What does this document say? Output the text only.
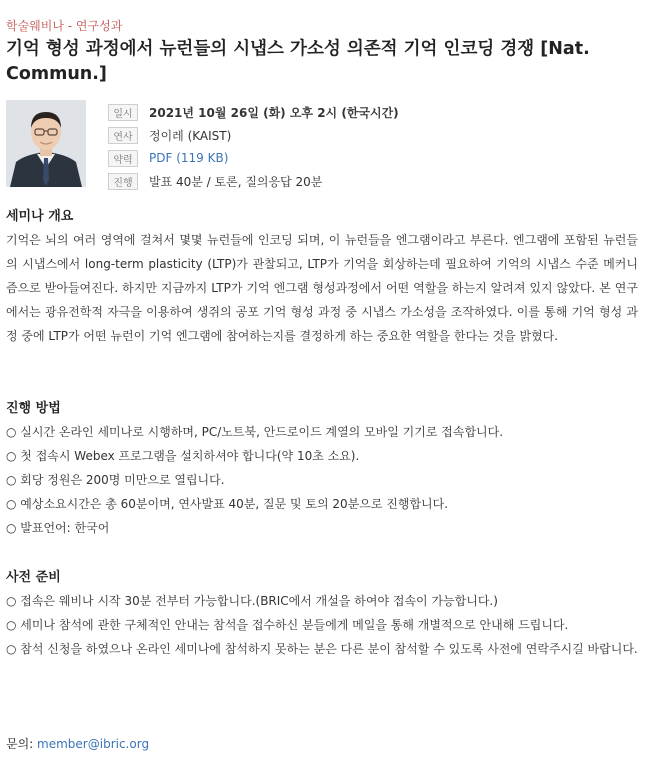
학술웨비나 - 연구성과
기억 형성 과정에서 뉴런들의 시냅스 가소성 의존적 기억 인코딩 경쟁 [Nat. Commun.]
일시	2021년 10월 26일 (화) 오후 2시 (한국시간)
연사	정이레 (KAIST)
약력	PDF (119 KB)
진행	발표 40분 / 토론, 질의응답 20분
세미나 개요
기억은 뇌의 여러 영역에 걸쳐서 몇몇 뉴런들에 인코딩 되며, 이 뉴런들을 엔그램이라고 부른다. 엔그램에 포함된 뉴런들의 시냅스에서 long-term plasticity (LTP)가 관찰되고, LTP가 기억을 회상하는데 필요하여 기억의 시냅스 수준 메커니즘으로 받아들여진다. 하지만 지금까지 LTP가 기억 엔그램 형성과정에서 어떤 역할을 하는지 알려져 있지 않았다. 본 연구에서는 광유전학적 자극을 이용하여 생쥐의 공포 기억 형성 과정 중 시냅스 가소성을 조작하였다. 이를 통해 기억 형성 과정 중에 LTP가 어떤 뉴런이 기억 엔그램에 참여하는지를 결정하게 하는 중요한 역할을 한다는 것을 밝혔다.
진행 방법
○ 실시간 온라인 세미나로 시행하며, PC/노트북, 안드로이드 계열의 모바일 기기로 접속합니다.
○ 첫 접속시 Webex 프로그램을 설치하셔야 합니다(약 10초 소요).
○ 회당 정원은 200명 미만으로 열립니다.
○ 예상소요시간은 총 60분이며, 연사발표 40분, 질문 및 토의 20분으로 진행합니다.
○ 발표언어: 한국어
사전 준비
○ 접속은 웨비나 시작 30분 전부터 가능합니다.(BRIC에서 개설을 하여야 접속이 가능합니다.)
○ 세미나 참석에 관한 구체적인 안내는 참석을 접수하신 분들에게 메일을 통해 개별적으로 안내해 드립니다.
○ 참석 신청을 하였으나 온라인 세미나에 참석하지 못하는 분은 다른 분이 참석할 수 있도록 사전에 연락주시길 바랍니다.
문의: member@ibric.org
